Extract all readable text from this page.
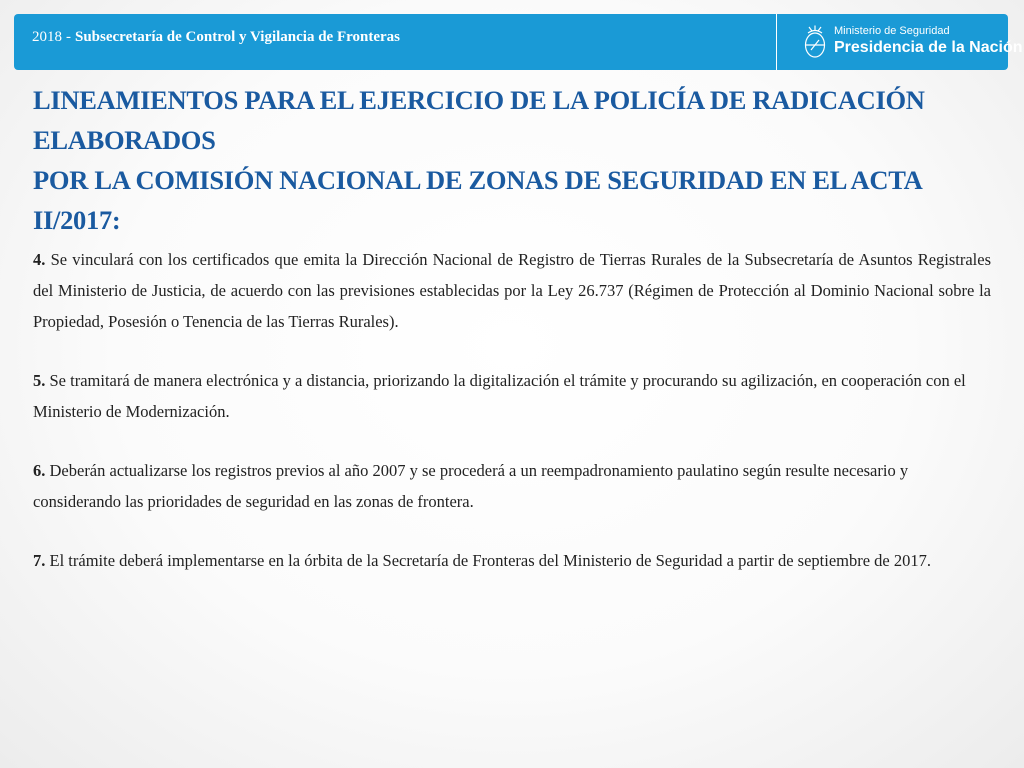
2018 - Subsecretaría de Control y Vigilancia de Fronteras	Ministerio de Seguridad
Presidencia de la Nación
LINEAMIENTOS PARA EL EJERCICIO DE LA POLICÍA DE RADICACIÓN ELABORADOS
POR LA COMISIÓN NACIONAL DE ZONAS DE SEGURIDAD EN EL ACTA II/2017:

4. Se vinculará con los certificados que emita la Dirección Nacional de Registro de Tierras Rurales de la Subsecretaría de Asuntos Registrales del Ministerio de Justicia, de acuerdo con las previsiones establecidas por la Ley 26.737 (Régimen de Protección al Dominio Nacional sobre la Propiedad, Posesión o Tenencia de las Tierras Rurales).

5. Se tramitará de manera electrónica y a distancia, priorizando la digitalización el trámite y procurando su agilización, en cooperación con el Ministerio de Modernización.

6. Deberán actualizarse los registros previos al año 2007 y se procederá a un reempadronamiento paulatino según resulte necesario y considerando las prioridades de seguridad en las zonas de frontera.

7. El trámite deberá implementarse en la órbita de la Secretaría de Fronteras del Ministerio de Seguridad a partir de septiembre de 2017.
